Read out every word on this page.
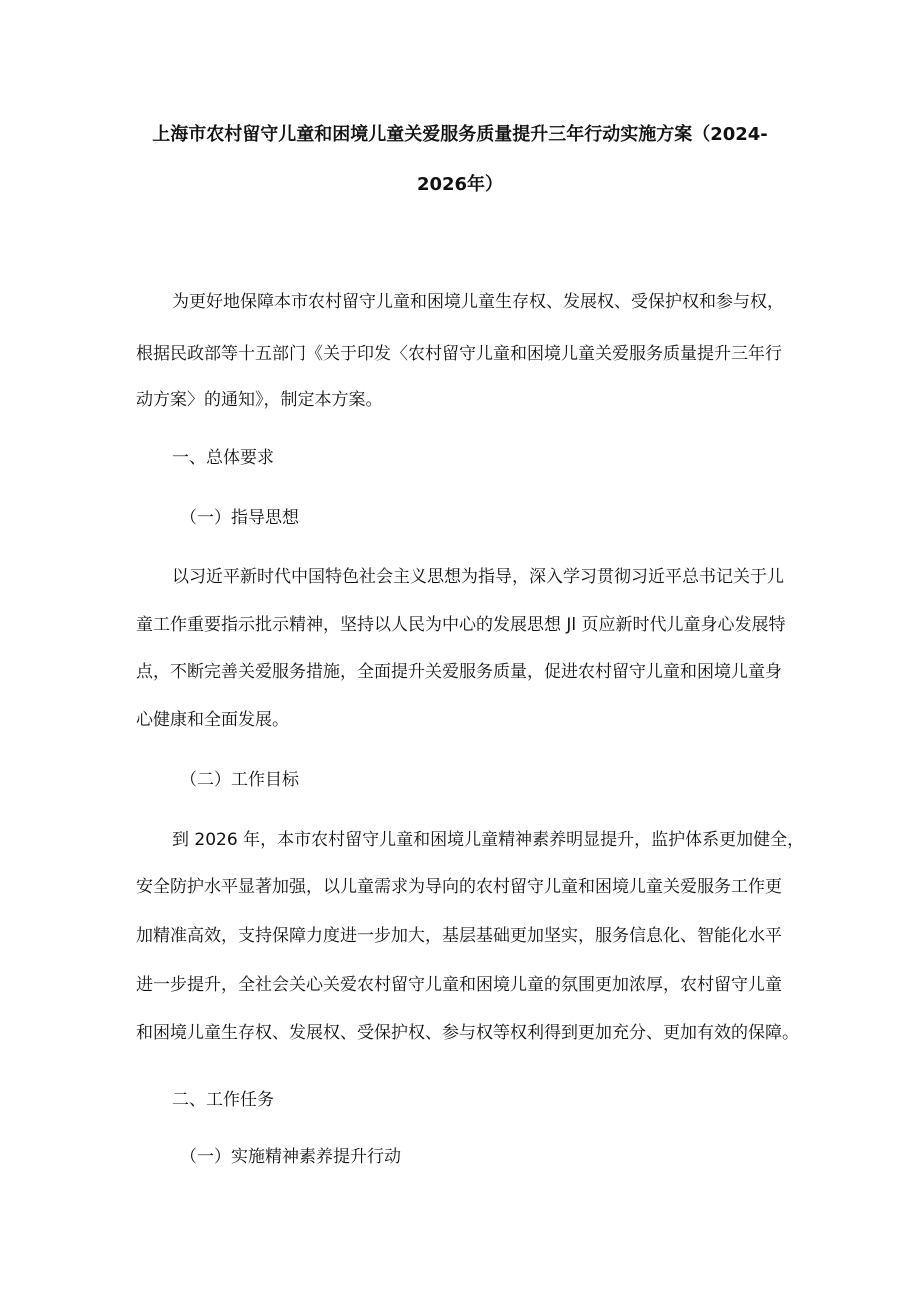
上海市农村留守儿童和困境儿童关爱服务质量提升三年行动实施方案（2024-
2026年）
为更好地保障本市农村留守儿童和困境儿童生存权、发展权、受保护权和参与权，
根据民政部等十五部门《关于印发〈农村留守儿童和困境儿童关爱服务质量提升三年行
动方案〉的通知》，制定本方案。
一、总体要求
（一）指导思想
以习近平新时代中国特色社会主义思想为指导，深入学习贯彻习近平总书记关于儿
童工作重要指示批示精神，坚持以人民为中心的发展思想 Jl 页应新时代儿童身心发展特
点，不断完善关爱服务措施，全面提升关爱服务质量，促进农村留守儿童和困境儿童身
心健康和全面发展。
（二）工作目标
到 2026 年，本市农村留守儿童和困境儿童精神素养明显提升，监护体系更加健全，
安全防护水平显著加强，以儿童需求为导向的农村留守儿童和困境儿童关爱服务工作更
加精准高效，支持保障力度进一步加大，基层基础更加坚实，服务信息化、智能化水平
进一步提升，全社会关心关爱农村留守儿童和困境儿童的氛围更加浓厚，农村留守儿童
和困境儿童生存权、发展权、受保护权、参与权等权利得到更加充分、更加有效的保障。
二、工作任务
（一）实施精神素养提升行动
